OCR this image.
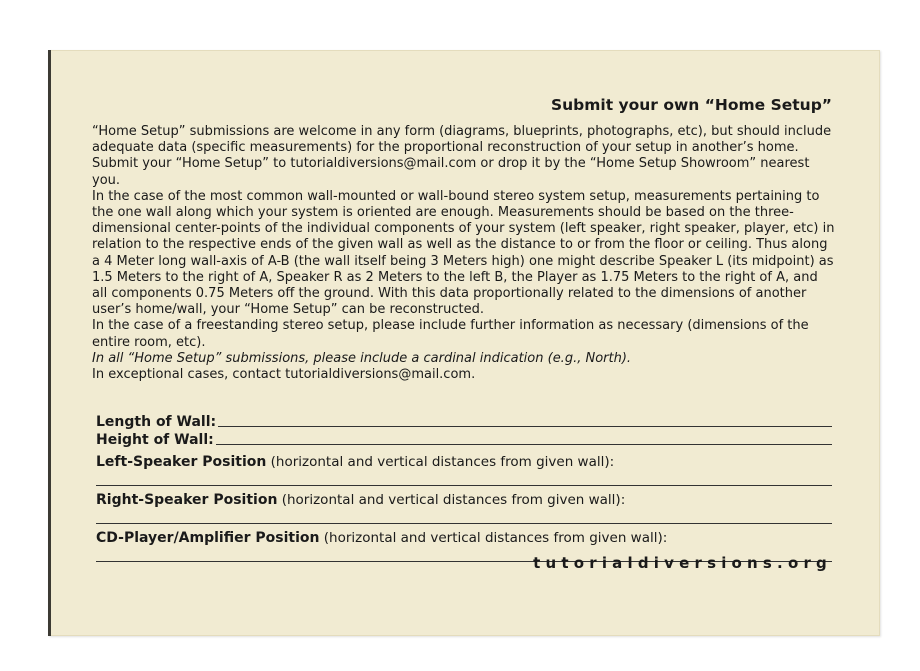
Submit your own “Home Setup”

“Home Setup” submissions are welcome in any form (diagrams, blueprints, photographs, etc), but should include adequate data (specific measurements) for the proportional reconstruction of your setup in another’s home.

Submit your “Home Setup” to tutorialdiversions@mail.com or drop it by the “Home Setup Showroom” nearest you.

In the case of the most common wall-mounted or wall-bound stereo system setup, measurements pertaining to the one wall along which your system is oriented are enough. Measurements should be based on the three-dimensional center-points of the individual components of your system (left speaker, right speaker, player, etc) in relation to the respective ends of the given wall as well as the distance to or from the floor or ceiling. Thus along a 4 Meter long wall-axis of A-B (the wall itself being 3 Meters high) one might describe Speaker L (its midpoint) as 1.5 Meters to the right of A, Speaker R as 2 Meters to the left B, the Player as 1.75 Meters to the right of A, and all components 0.75 Meters off the ground. With this data proportionally related to the dimensions of another user’s home/wall, your “Home Setup” can be reconstructed.

In the case of a freestanding stereo setup, please include further information as necessary (dimensions of the entire room, etc).

In all “Home Setup” submissions, please include a cardinal indication (e.g., North).

In exceptional cases, contact tutorialdiversions@mail.com.

Length of Wall:
Height of Wall:
Left-Speaker Position (horizontal and vertical distances from given wall):
Right-Speaker Position (horizontal and vertical distances from given wall):
CD-Player/Amplifier Position (horizontal and vertical distances from given wall):
tutorialdiversions.org
